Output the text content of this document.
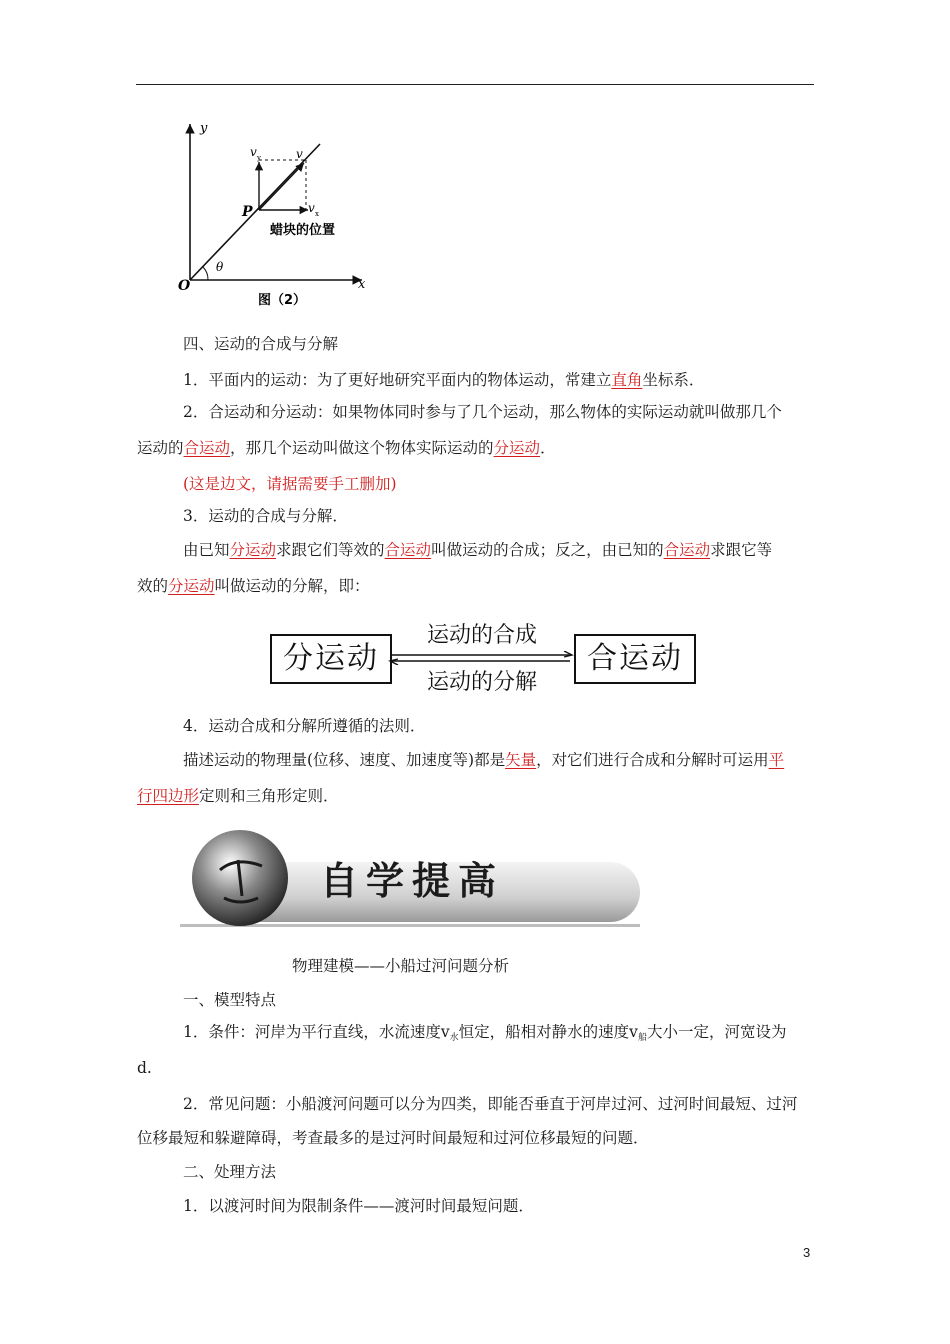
y
x
O
P
θ
v
v y
v x
蜡块的位置
图（2）

四、运动的合成与分解

1．平面内的运动：为了更好地研究平面内的物体运动，常建立直角坐标系．

2．合运动和分运动：如果物体同时参与了几个运动，那么物体的实际运动就叫做那几个

运动的合运动，那几个运动叫做这个物体实际运动的分运动．

(这是边文，请据需要手工删加)

3．运动的合成与分解．

由已知分运动求跟它们等效的合运动叫做运动的合成；反之，由已知的合运动求跟它等

效的分运动叫做运动的分解，即：

分运动
运动的合成
运动的分解
合运动

4．运动合成和分解所遵循的法则．

描述运动的物理量(位移、速度、加速度等)都是矢量，对它们进行合成和分解时可运用平

行四边形定则和三角形定则．

自学提高

物理建模——小船过河问题分析

一、模型特点

1．条件：河岸为平行直线，水流速度$v_水$恒定，船相对静水的速度$v_船$大小一定，河宽设为

d.

2．常见问题：小船渡河问题可以分为四类，即能否垂直于河岸过河、过河时间最短、过河

位移最短和躲避障碍，考查最多的是过河时间最短和过河位移最短的问题．

二、处理方法

1．以渡河时间为限制条件——渡河时间最短问题．

3
